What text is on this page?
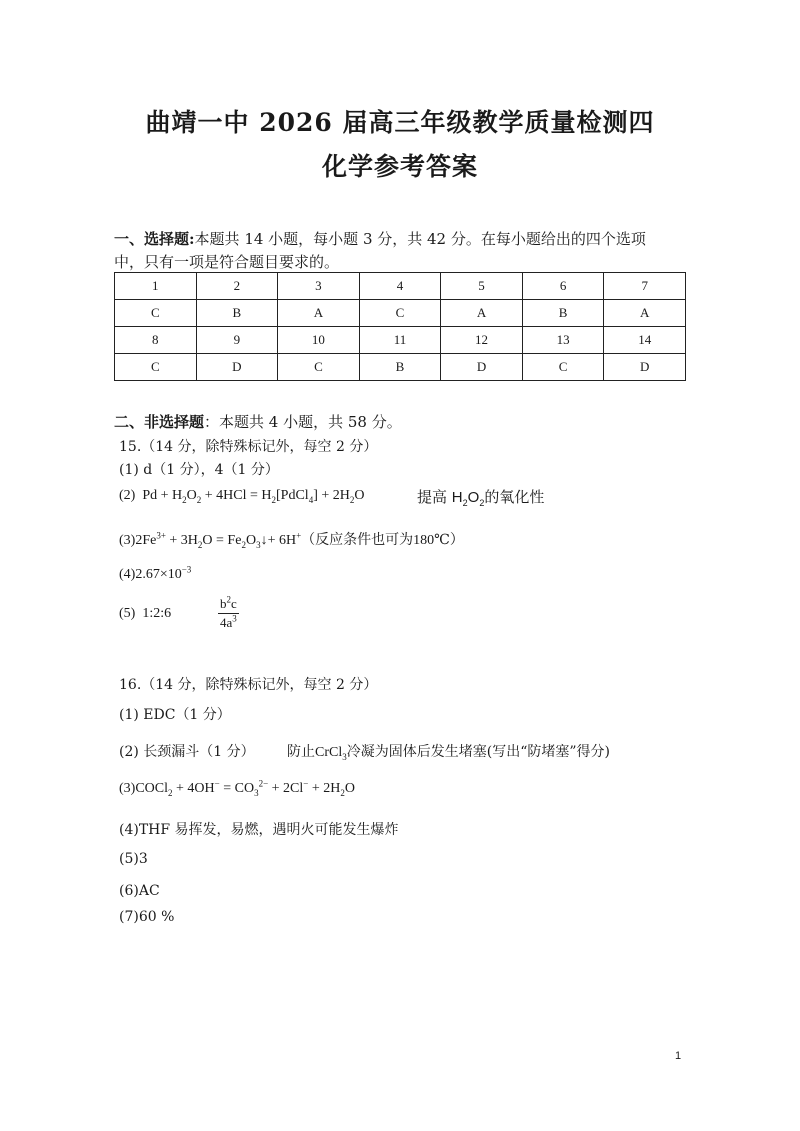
曲靖一中 2026 届高三年级教学质量检测四
化学参考答案
一、选择题:本题共 14 小题，每小题 3 分，共 42 分。在每小题给出的四个选项
中，只有一项是符合题目要求的。
1	2	3	4	5	6	7
C	B	A	C	A	B	A
8	9	10	11	12	13	14
C	D	C	B	D	C	D
二、非选择题：本题共 4 小题，共 58 分。
15.（14 分，除特殊标记外，每空 2 分）
(1) d（1 分），4（1 分）
(2) $Pd + H_2O_2 + 4HCl$ = $H_2[PdCl_4] + 2H_2O$	提高 $H_2O_2$的氧化性
$(3)2Fe^{3+} + 3H_2O$ = $Fe_2O_3↓+ 6H^+$（反应条件也可为180℃）
$(4)2.67\times 10^{-3}$
(5) 1:2:6	$\frac{b^2c}{4a^3}$
16.（14 分，除特殊标记外，每空 2 分）
(1) EDC（1 分）
(2) 长颈漏斗（1 分） 防止CrCl$_3$冷凝为固体后发生堵塞(写出“防堵塞”得分)
(3)COCl$_2$ + $4OH^- = CO_3^{2-} + 2Cl^- + 2H_2O$
(4)THF 易挥发，易燃，遇明火可能发生爆炸
(5)3
(6)AC
(7)60 %
1
